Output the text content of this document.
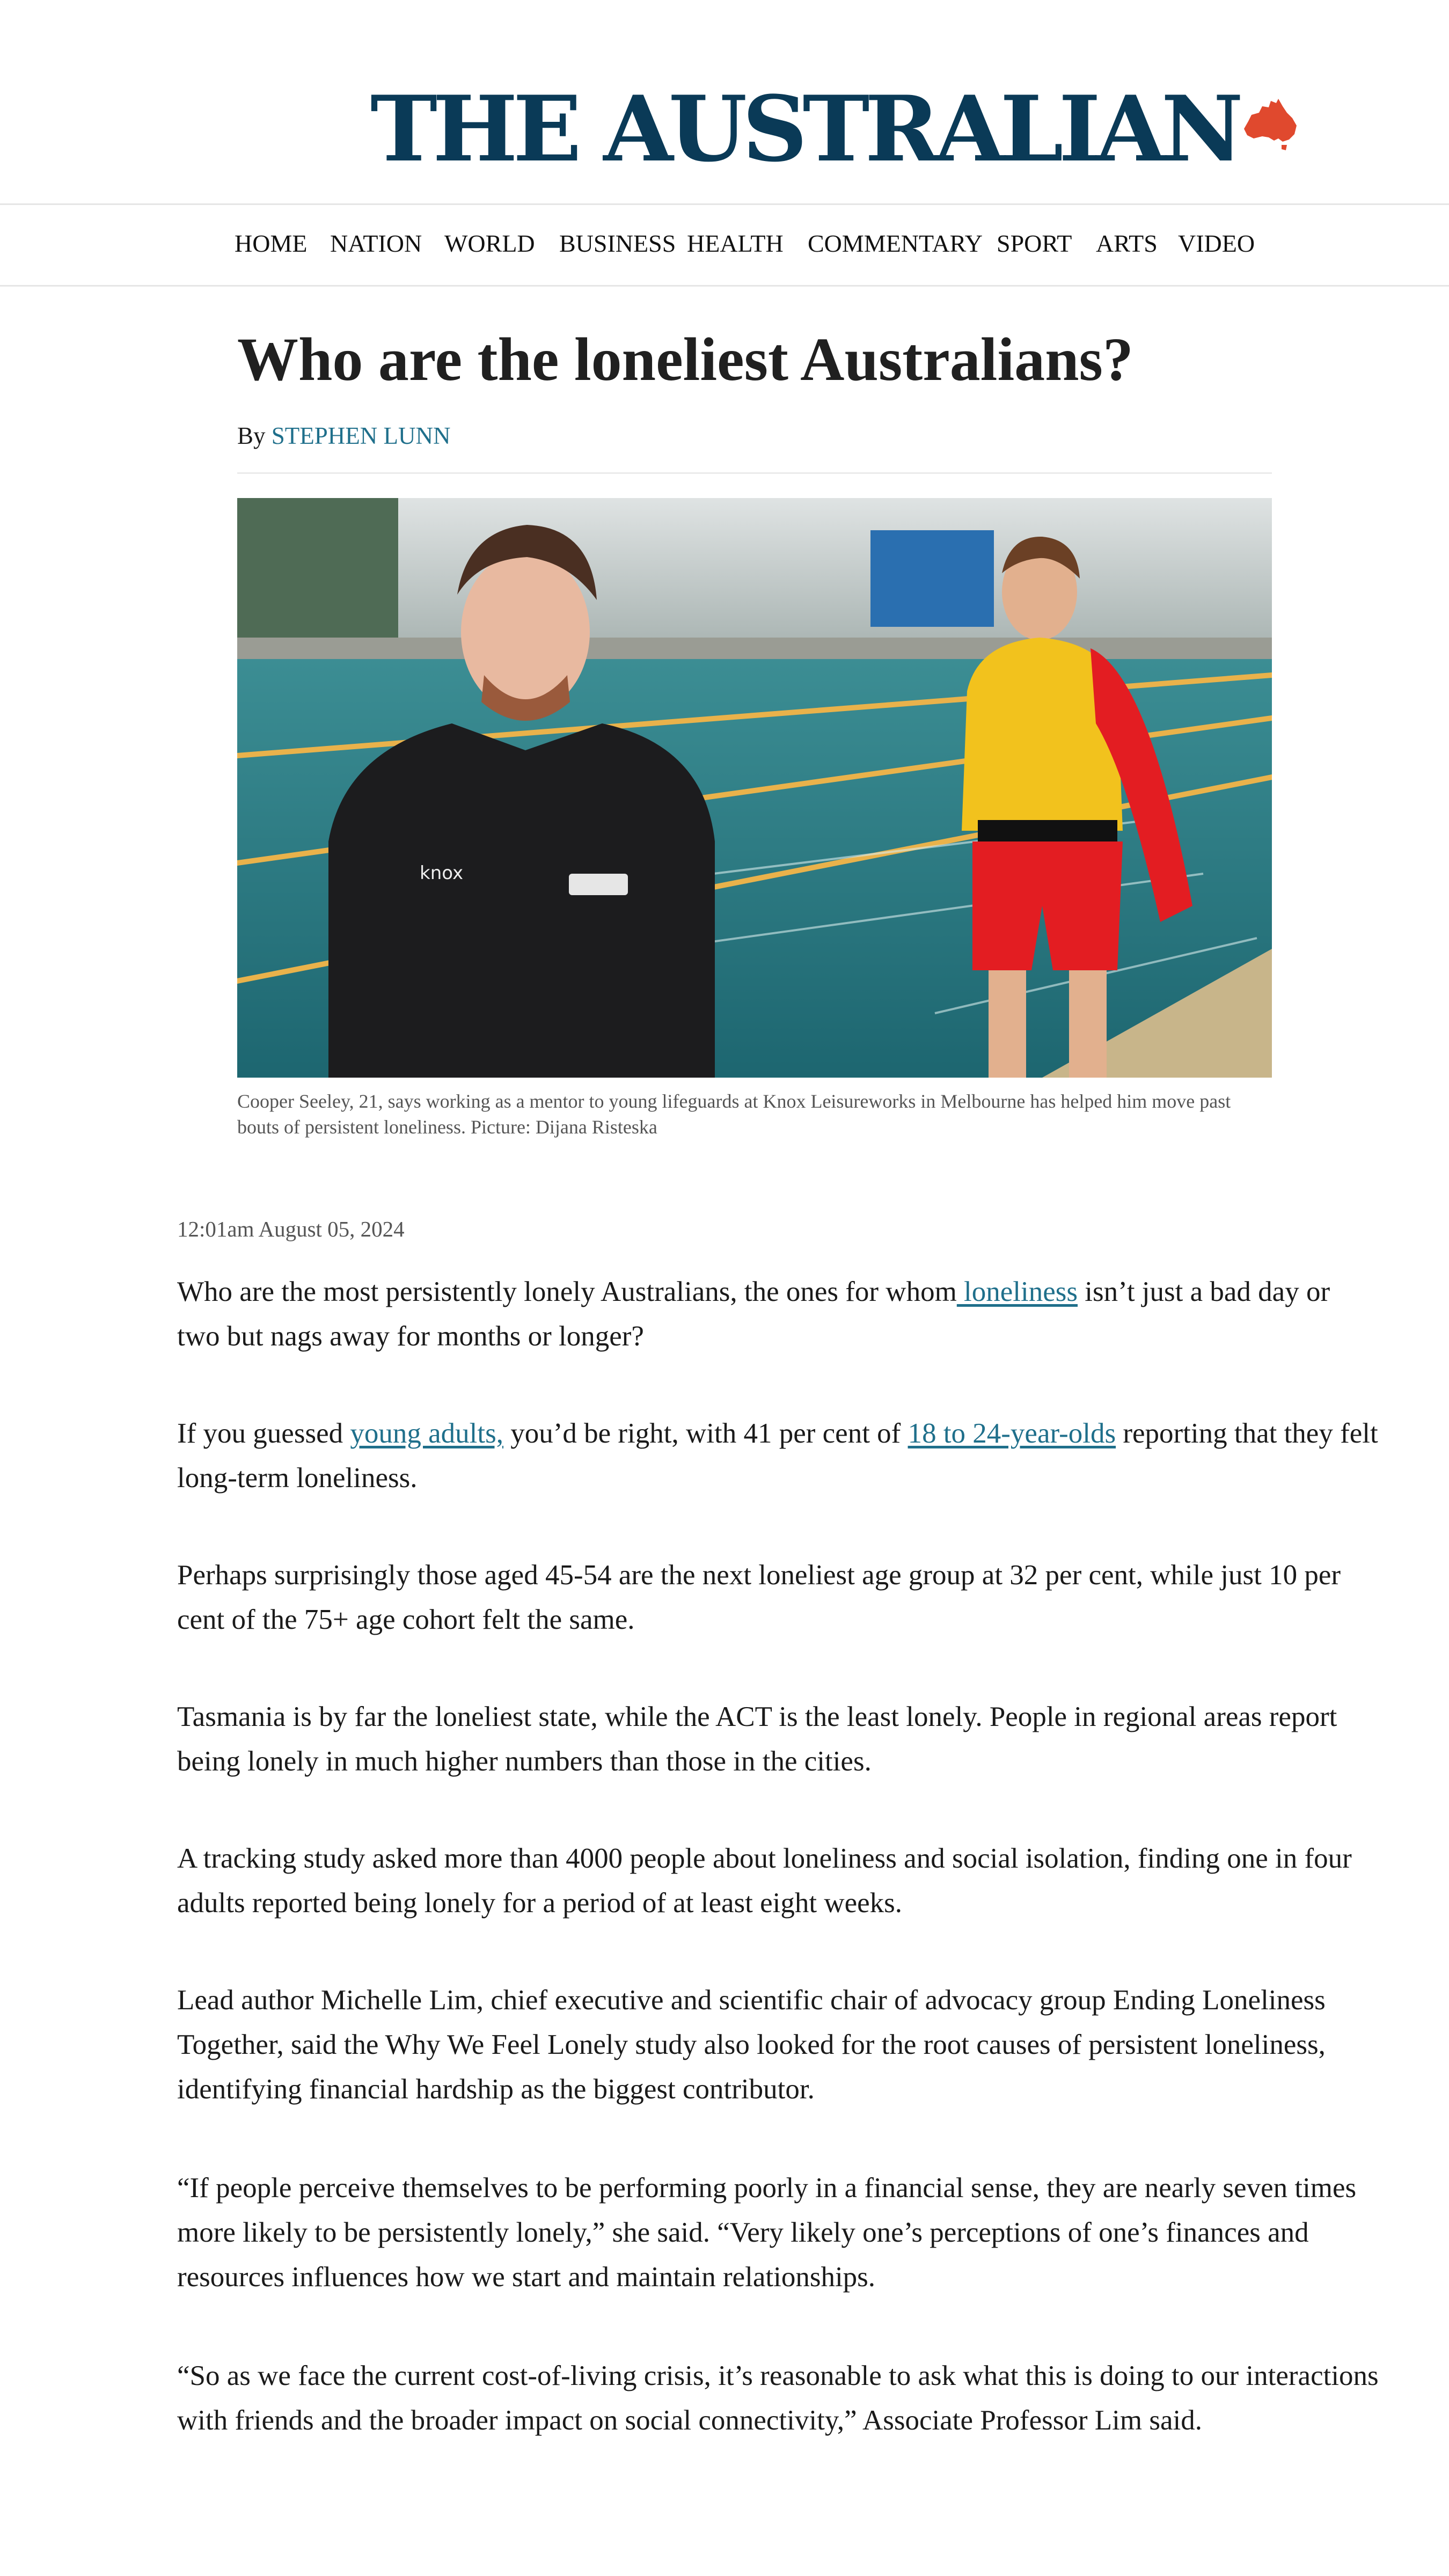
THE AUSTRALIAN
HOME NATION WORLD BUSINESS HEALTH COMMENTARY SPORT ARTS VIDEO
Who are the loneliest Australians?
By STEPHEN LUNN
knox
Cooper Seeley, 21, says working as a mentor to young lifeguards at Knox Leisureworks in Melbourne has helped him move past bouts of persistent loneliness. Picture: Dijana Risteska
12:01am August 05, 2024

Who are the most persistently lonely Australians, the ones for whom loneliness isn’t just a bad day or two but nags away for months or longer?

If you guessed young adults, you’d be right, with 41 per cent of 18 to 24-year-olds reporting that they felt long-term loneliness.

Perhaps surprisingly those aged 45-54 are the next loneliest age group at 32 per cent, while just 10 per cent of the 75+ age cohort felt the same.

Tasmania is by far the loneliest state, while the ACT is the least lonely. People in regional areas report being lonely in much higher numbers than those in the cities.

A tracking study asked more than 4000 people about loneliness and social isolation, finding one in four adults reported being lonely for a period of at least eight weeks.

Lead author Michelle Lim, chief executive and scientific chair of advocacy group Ending Loneliness Together, said the Why We Feel Lonely study also looked for the root causes of persistent loneliness, identifying financial hardship as the biggest contributor.

“If people perceive themselves to be performing poorly in a financial sense, they are nearly seven times more likely to be persistently lonely,” she said. “Very likely one’s perceptions of one’s finances and resources influences how we start and maintain relationships.

“So as we face the current cost-of-living crisis, it’s reasonable to ask what this is doing to our interactions with friends and the broader impact on social connectivity,” Associate Professor Lim said.
